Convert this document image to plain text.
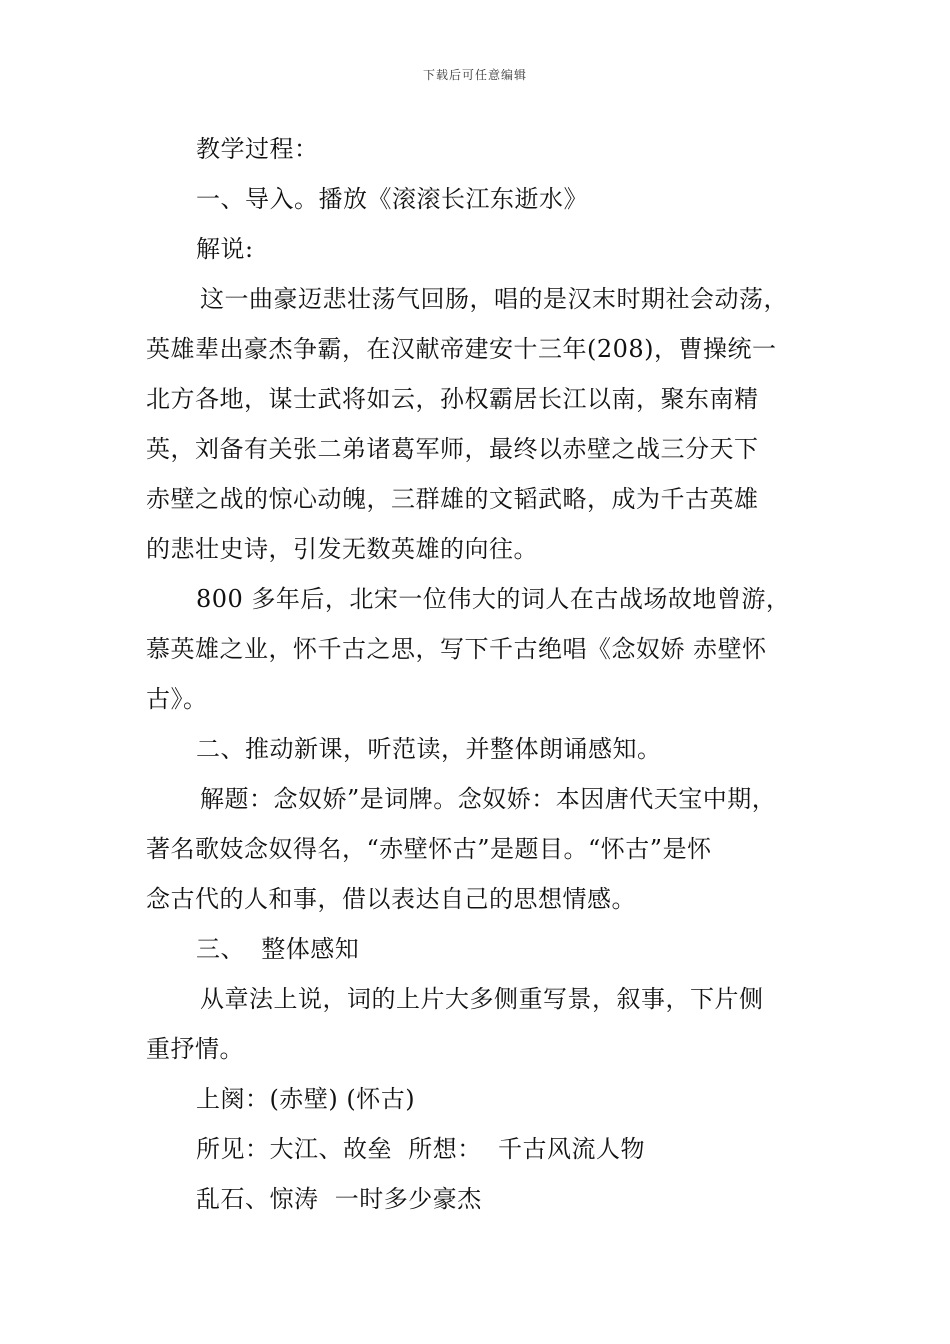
下载后可任意编辑
教学过程：
一、导入。播放《滚滚长江东逝水》
解说:
这一曲豪迈悲壮荡气回肠，唱的是汉末时期社会动荡，
英雄辈出豪杰争霸，在汉献帝建安十三年(208)，曹操统一
北方各地，谋士武将如云，孙权霸居长江以南，聚东南精
英，刘备有关张二弟诸葛军师，最终以赤壁之战三分天下
赤壁之战的惊心动魄，三群雄的文韬武略，成为千古英雄
的悲壮史诗，引发无数英雄的向往。
800 多年后，北宋一位伟大的词人在古战场故地曾游，
慕英雄之业，怀千古之思，写下千古绝唱《念奴娇 赤壁怀
古》。
二、推动新课，听范读，并整体朗诵感知。
解题：念奴娇”是词牌。念奴娇：本因唐代天宝中期，
著名歌妓念奴得名，“赤壁怀古”是题目。“怀古”是怀
念古代的人和事，借以表达自己的思想情感。
三、  整体感知
从章法上说，词的上片大多侧重写景，叙事，下片侧
重抒情。
上阕：(赤壁) (怀古)
所见：大江、故垒  所想：  千古风流人物
乱石、惊涛  一时多少豪杰
